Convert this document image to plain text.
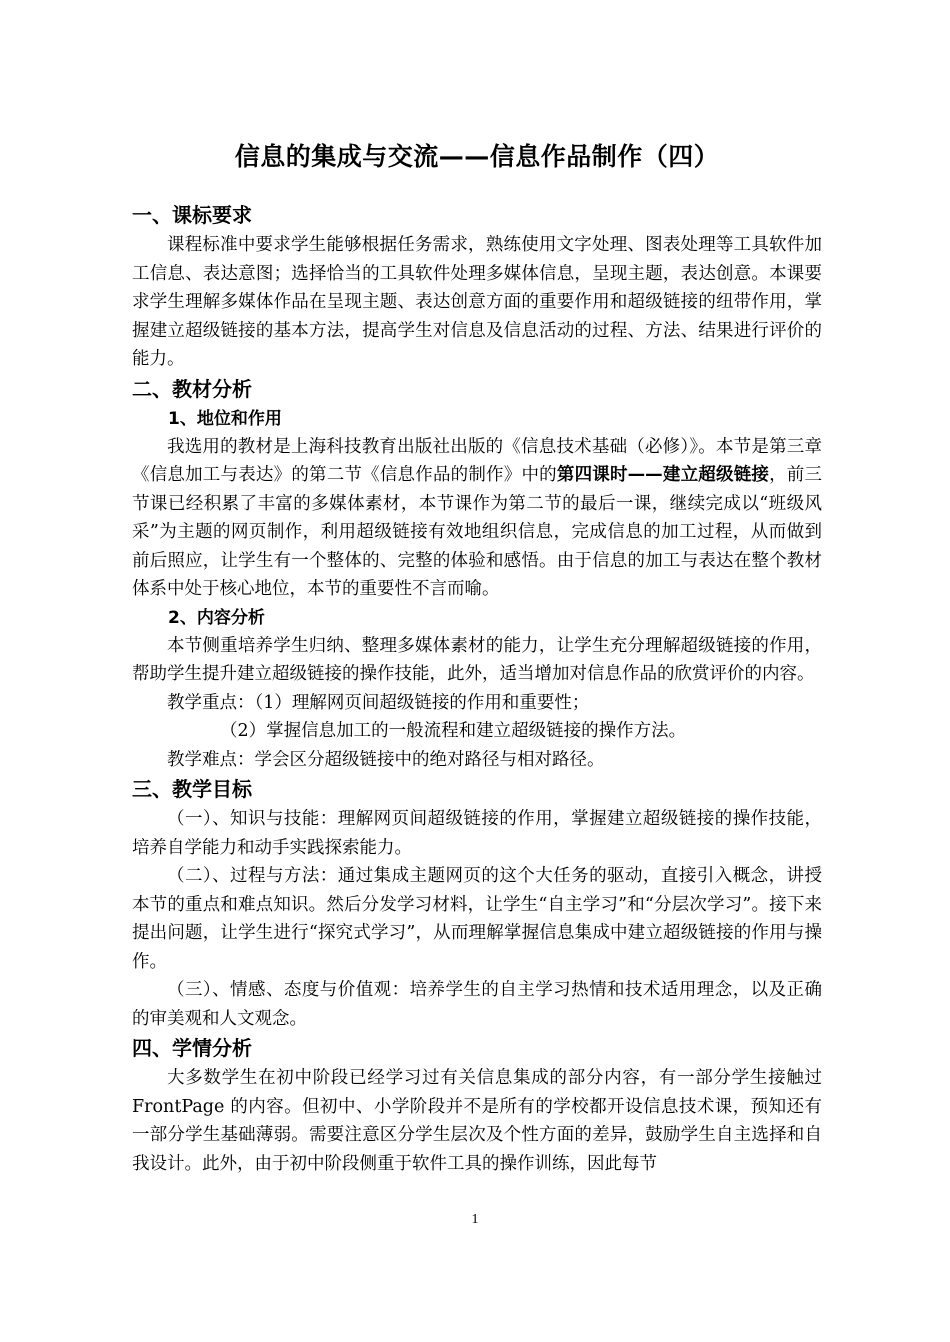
信息的集成与交流——信息作品制作（四）
一、课标要求

课程标准中要求学生能够根据任务需求，熟练使用文字处理、图表处理等工具软件加工信息、表达意图；选择恰当的工具软件处理多媒体信息，呈现主题，表达创意。本课要求学生理解多媒体作品在呈现主题、表达创意方面的重要作用和超级链接的纽带作用，掌握建立超级链接的基本方法，提高学生对信息及信息活动的过程、方法、结果进行评价的能力。

二、教材分析
1、地位和作用

我选用的教材是上海科技教育出版社出版的《信息技术基础（必修）》。本节是第三章《信息加工与表达》的第二节《信息作品的制作》中的第四课时——建立超级链接，前三节课已经积累了丰富的多媒体素材，本节课作为第二节的最后一课，继续完成以“班级风采”为主题的网页制作，利用超级链接有效地组织信息，完成信息的加工过程，从而做到前后照应，让学生有一个整体的、完整的体验和感悟。由于信息的加工与表达在整个教材体系中处于核心地位，本节的重要性不言而喻。

2、内容分析

本节侧重培养学生归纳、整理多媒体素材的能力，让学生充分理解超级链接的作用，帮助学生提升建立超级链接的操作技能，此外，适当增加对信息作品的欣赏评价的内容。

教学重点：（1）理解网页间超级链接的作用和重要性；

（2）掌握信息加工的一般流程和建立超级链接的操作方法。

教学难点：学会区分超级链接中的绝对路径与相对路径。

三、教学目标

（一）、知识与技能：理解网页间超级链接的作用，掌握建立超级链接的操作技能，培养自学能力和动手实践探索能力。

（二）、过程与方法：通过集成主题网页的这个大任务的驱动，直接引入概念，讲授本节的重点和难点知识。然后分发学习材料，让学生“自主学习”和“分层次学习”。接下来提出问题，让学生进行“探究式学习”，从而理解掌握信息集成中建立超级链接的作用与操作。

（三）、情感、态度与价值观：培养学生的自主学习热情和技术适用理念，以及正确的审美观和人文观念。

四、学情分析

大多数学生在初中阶段已经学习过有关信息集成的部分内容，有一部分学生接触过 FrontPage 的内容。但初中、小学阶段并不是所有的学校都开设信息技术课，预知还有一部分学生基础薄弱。需要注意区分学生层次及个性方面的差异，鼓励学生自主选择和自我设计。此外，由于初中阶段侧重于软件工具的操作训练，因此每节

1
